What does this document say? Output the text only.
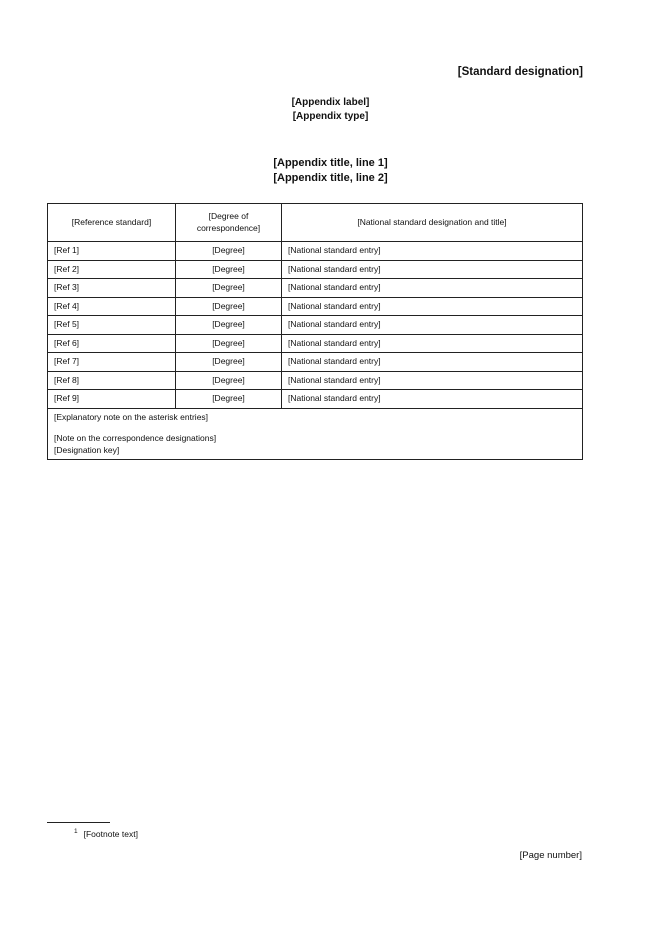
[Standard designation]
[Appendix label]
[Appendix type]
[Appendix title, line 1]
[Appendix title, line 2]
[Reference standard]	[Degree of correspondence]	[National standard designation and title]
[Ref 1]	[Degree]	[National standard entry]
[Ref 2]	[Degree]	[National standard entry]
[Ref 3]	[Degree]	[National standard entry]
[Ref 4]	[Degree]	[National standard entry]
[Ref 5]	[Degree]	[National standard entry]
[Ref 6]	[Degree]	[National standard entry]
[Ref 7]	[Degree]	[National standard entry]
[Ref 8]	[Degree]	[National standard entry]
[Ref 9]	[Degree]	[National standard entry]

[Explanatory note on the asterisk entries]

[Note on the correspondence designations]

[Designation key]		

$^1$ [Footnote text]
[Page number]
